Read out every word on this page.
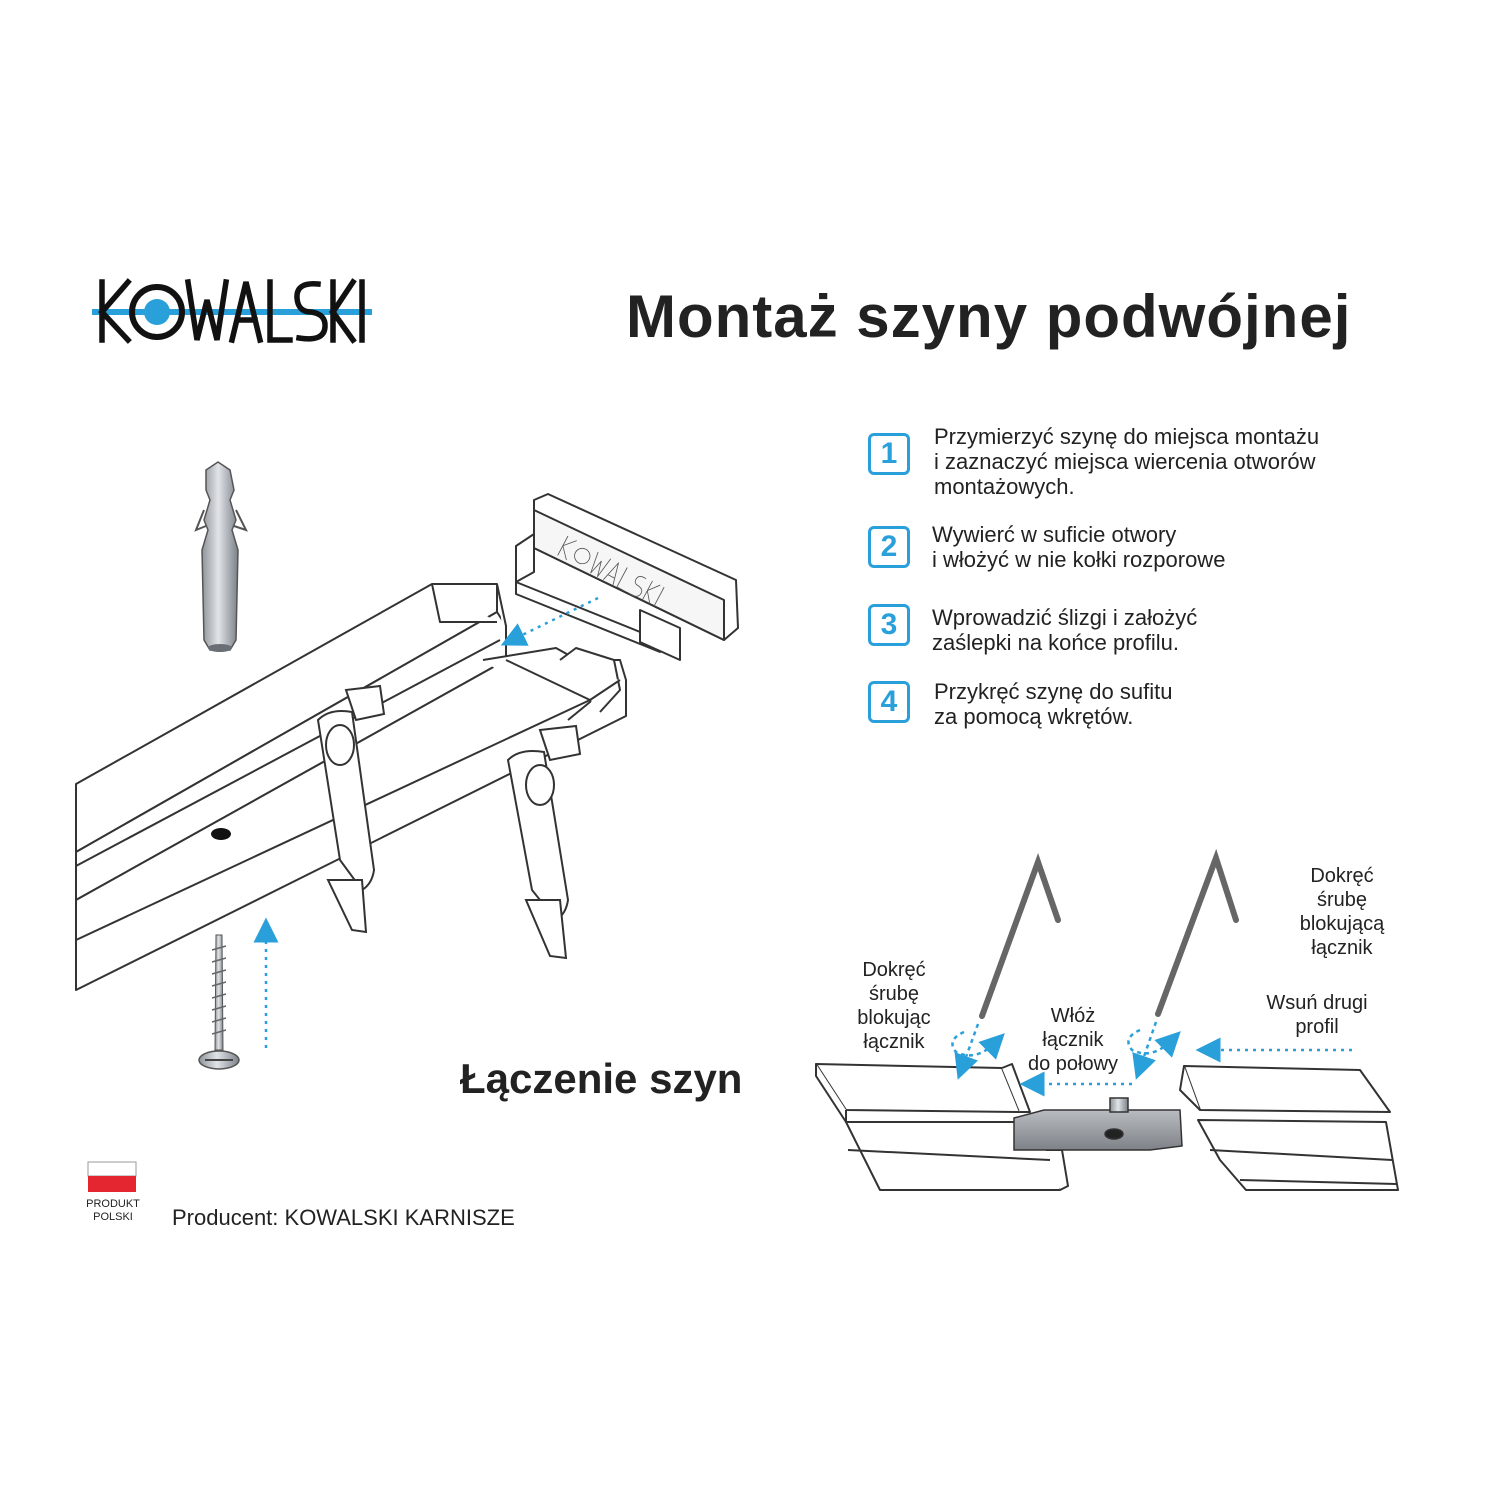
Montaż szyny podwójnej
1
Przymierzyć szynę do miejsca montażu
i zaznaczyć miejsca wiercenia otworów
montażowych.
2	Wywierć w suficie otwory
i włożyć w nie kołki rozporowe
3	Wprowadzić ślizgi i założyć
zaślepki na końce profilu.
4	Przykręć szynę do sufitu
za pomocą wkrętów.
Łączenie szyn
Dokręć
śrubę
blokując
łącznik
Włóż
łącznik
do połowy
Dokręć
śrubę
blokującą
łącznik
Wsuń drugi
profil
PRODUKT
POLSKI	Producent: KOWALSKI KARNISZE
